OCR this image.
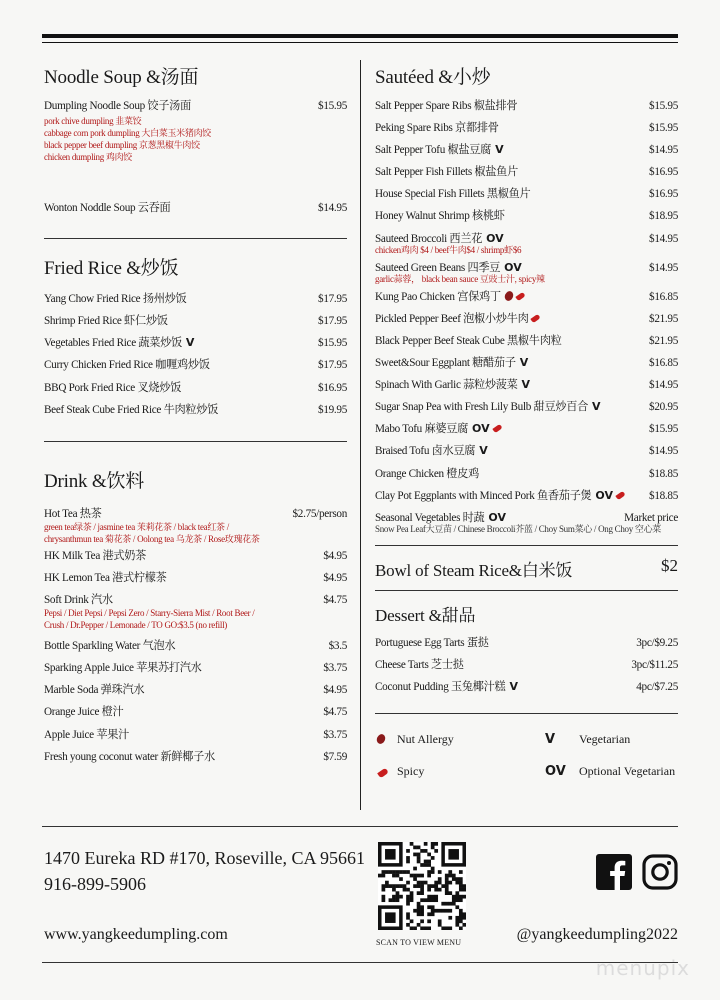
Noodle Soup &汤面
Dumpling Noodle Soup 饺子汤面	$15.95
pork chive dumpling 韭菜饺
cabbage corn pork dumpling 大白菜玉米猪肉饺
black pepper beef dumpling 京葱黑椒牛肉饺
chicken dumpling 鸡肉饺
Wonton Noddle Soup 云吞面	$14.95
Fried Rice &炒饭
Yang Chow Fried Rice 扬州炒饭	$17.95
Shrimp Fried Rice 虾仁炒饭	$17.95
Vegetables Fried Rice 蔬菜炒饭 V	$15.95
Curry Chicken Fried Rice 咖喱鸡炒饭	$17.95
BBQ Pork Fried Rice 叉烧炒饭	$16.95
Beef Steak Cube Fried Rice 牛肉粒炒饭	$19.95
Drink &饮料
Hot Tea 热茶	$2.75/person
green tea绿茶 / jasmine tea 茉莉花茶 / black tea红茶 /
chrysanthmun tea 菊花茶 / Oolong tea 乌龙茶 / Rose玫瑰花茶
HK Milk Tea 港式奶茶	$4.95
HK Lemon Tea 港式柠檬茶	$4.95
Soft Drink 汽水	$4.75
Pepsi / Diet Pepsi / Pepsi Zero / Starry-Sierra Mist / Root Beer /
Crush / Dr.Pepper / Lemonade / TO GO:$3.5 (no refill)
Bottle Sparkling Water 气泡水	$3.5
Sparking Apple Juice 苹果苏打汽水	$3.75
Marble Soda 弹珠汽水	$4.95
Orange Juice 橙汁	$4.75
Apple Juice 苹果汁	$3.75
Fresh young coconut water 新鲜椰子水	$7.59
Sautéed &小炒
Salt Pepper Spare Ribs 椒盐排骨	$15.95
Peking Spare Ribs 京都排骨	$15.95
Salt Pepper Tofu 椒盐豆腐 V	$14.95
Salt Pepper Fish Fillets 椒盐鱼片	$16.95
House Special Fish Fillets 黑椒鱼片	$16.95
Honey Walnut Shrimp 核桃虾	$18.95
Sauteed Broccoli 西兰花 OV	$14.95
chicken鸡肉 $4 / beef牛肉$4 / shrimp虾$6
Sauteed Green Beans 四季豆 OV	$14.95
garlic蒜蓉， black bean sauce 豆豉士汁, spicy辣
Kung Pao Chicken 宫保鸡丁	$16.85
Pickled Pepper Beef 泡椒小炒牛肉	$21.95
Black Pepper Beef Steak Cube 黑椒牛肉粒	$21.95
Sweet&Sour Eggplant 糖醋茄子 V	$16.85
Spinach With Garlic 蒜粒炒菠菜 V	$14.95
Sugar Snap Pea with Fresh Lily Bulb 甜豆炒百合 V	$20.95
Mabo Tofu 麻婆豆腐 OV	$15.95
Braised Tofu 卤水豆腐 V	$14.95
Orange Chicken 橙皮鸡	$18.85
Clay Pot Eggplants with Minced Pork 鱼香茄子煲 OV	$18.85
Seasonal Vegetables 时蔬 OV	Market price
Snow Pea Leaf大豆苗 / Chinese Broccoli芥蓝 / Choy Sum菜心 / Ong Choy 空心菜
Bowl of Steam Rice&白米饭	$2
Dessert &甜品
Portuguese Egg Tarts 蛋挞	3pc/$9.25
Cheese Tarts 芝士挞	3pc/$11.25
Coconut Pudding 玉兔椰汁糕 V	4pc/$7.25
Nut Allergy	V Vegetarian
Spicy	OV Optional Vegetarian
1470 Eureka RD #170, Roseville, CA 95661
916-899-5906
www.yangkeedumpling.com	SCAN TO VIEW MENU	@yangkeedumpling2022
menupix
